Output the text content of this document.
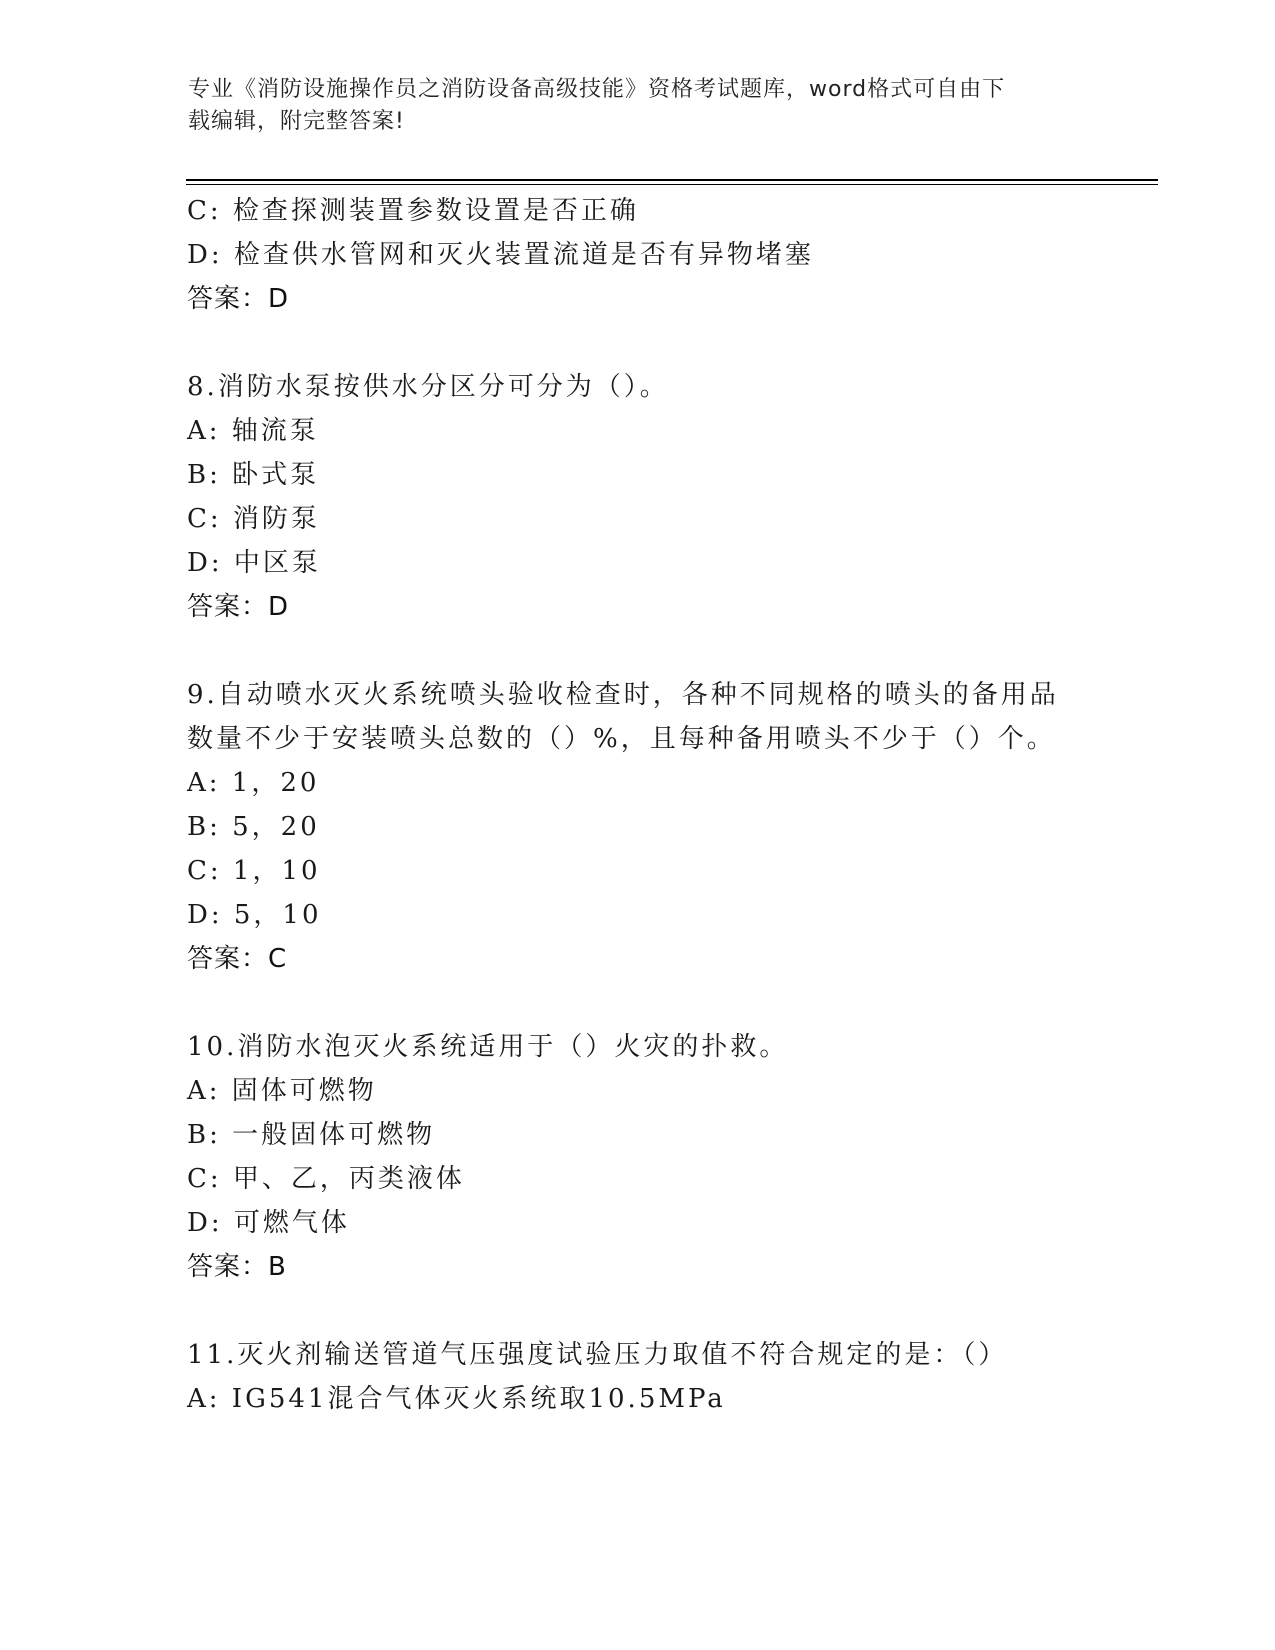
专业《消防设施操作员之消防设备高级技能》资格考试题库，word格式可自由下
载编辑，附完整答案!
C: 检查探测装置参数设置是否正确
D: 检查供水管网和灭火装置流道是否有异物堵塞
答案：D
8.消防水泵按供水分区分可分为（）。
A: 轴流泵
B: 卧式泵
C: 消防泵
D: 中区泵
答案：D
9.自动喷水灭火系统喷头验收检查时，各种不同规格的喷头的备用品
数量不少于安装喷头总数的（）%，且每种备用喷头不少于（）个。
A: 1，20
B: 5，20
C: 1，10
D: 5，10
答案：C
10.消防水泡灭火系统适用于（）火灾的扑救。
A: 固体可燃物
B: 一般固体可燃物
C: 甲、乙，丙类液体
D: 可燃气体
答案：B
11.灭火剂输送管道气压强度试验压力取值不符合规定的是：（）
A: IG541混合气体灭火系统取10.5MPa
